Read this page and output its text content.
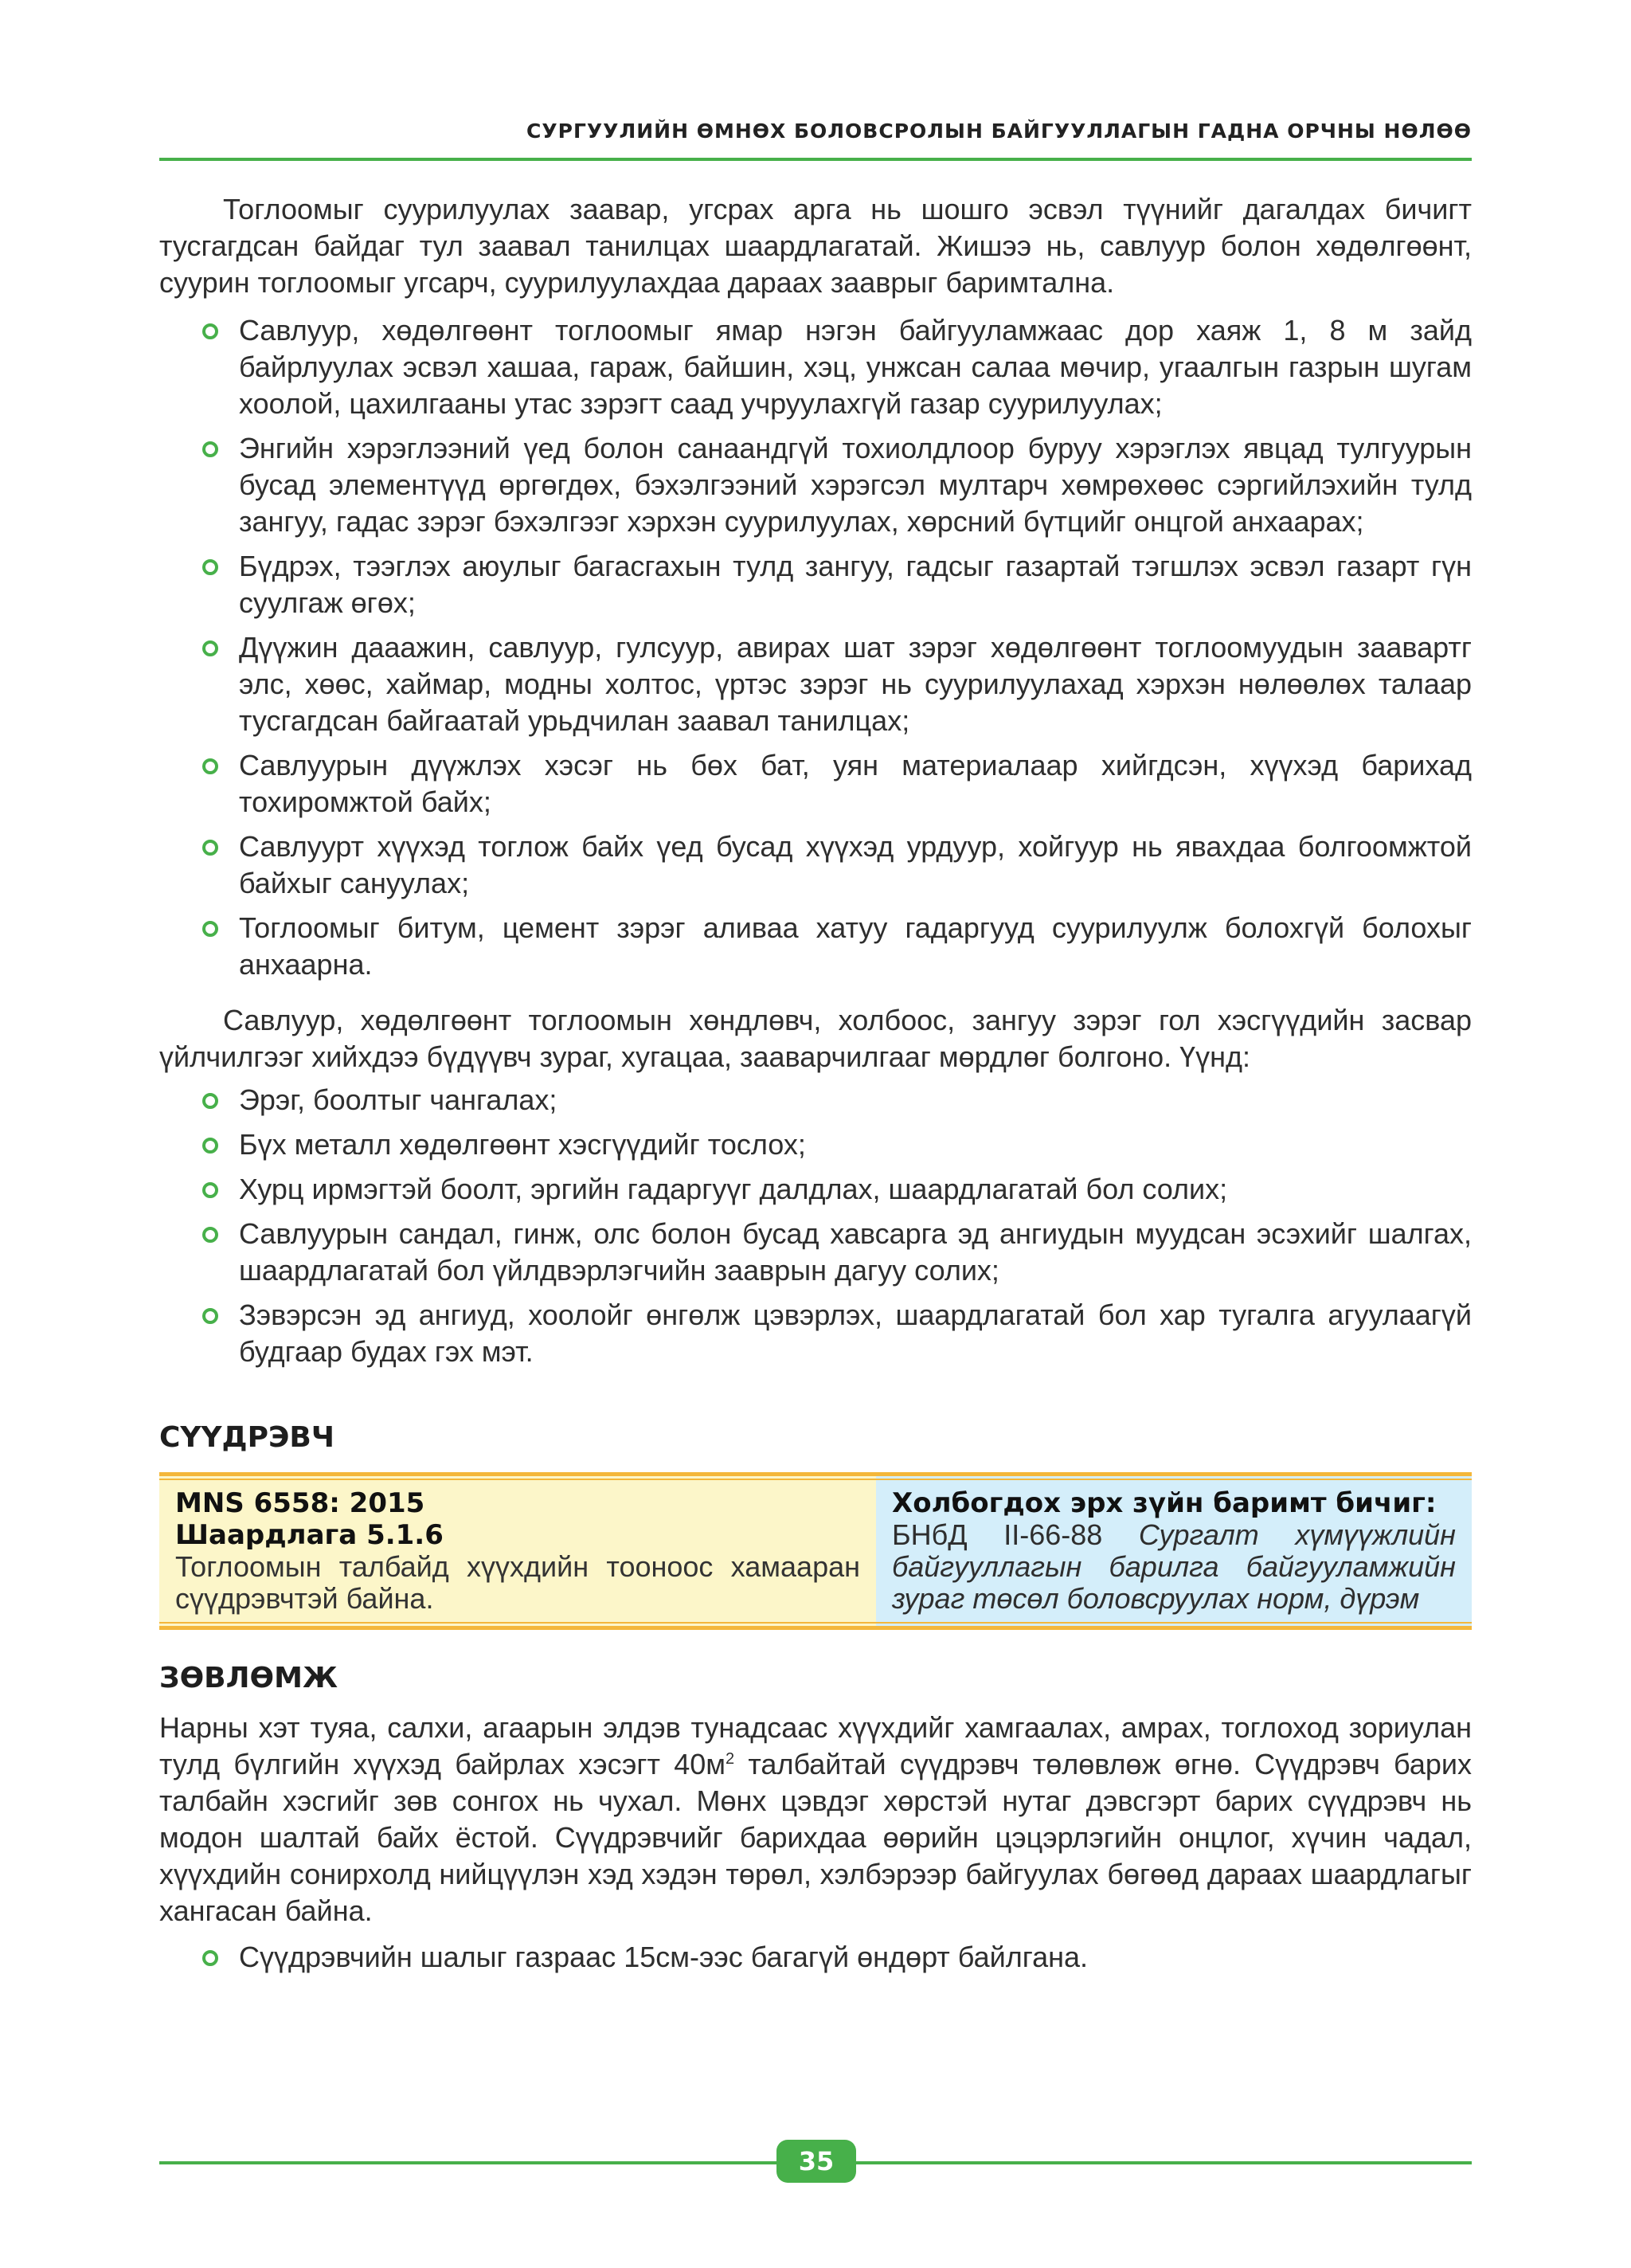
СУРГУУЛИЙН ӨМНӨХ БОЛОВСРОЛЫН БАЙГУУЛЛАГЫН ГАДНА ОРЧНЫ НӨЛӨӨ

Тоглоомыг суурилуулах заавар, угсрах арга нь шошго эсвэл түүнийг дагалдах бичигт тусгагдсан байдаг тул заавал танилцах шаардлагатай. Жишээ нь, савлуур болон хөдөлгөөнт, суурин тоглоомыг угсарч, суурилуулахдаа дараах зааврыг баримтална.

Савлуур, хөдөлгөөнт тоглоомыг ямар нэгэн байгууламжаас дор хаяж 1, 8 м зайд байрлуулах эсвэл хашаа, гараж, байшин, хэц, унжсан салаа мөчир, угаалгын газрын шугам хоолой, цахилгааны утас зэрэгт саад учруулахгүй газар суурилуулах;
Энгийн хэрэглээний үед болон санаандгүй тохиолдлоор буруу хэрэглэх явцад тулгуурын бусад элементүүд өргөгдөх, бэхэлгээний хэрэгсэл мултарч хөмрөхөөс сэргийлэхийн тулд зангуу, гадас зэрэг бэхэлгээг хэрхэн суурилуулах, хөрсний бүтцийг онцгой анхаарах;
Бүдрэх, тээглэх аюулыг багасгахын тулд зангуу, гадсыг газартай тэгшлэх эсвэл газарт гүн суулгаж өгөх;
Дүүжин дааажин, савлуур, гулсуур, авирах шат зэрэг хөдөлгөөнт тоглоомуудын заавартг элс, хөөс, хаймар, модны холтос, үртэс зэрэг нь суурилуулахад хэрхэн нөлөөлөх талаар тусгагдсан байгаатай урьдчилан заавал танилцах;
Савлуурын дүүжлэх хэсэг нь бөх бат, уян материалаар хийгдсэн, хүүхэд барихад тохиромжтой байх;
Савлуурт хүүхэд тоглож байх үед бусад хүүхэд урдуур, хойгуур нь явахдаа болгоомжтой байхыг сануулах;
Тоглоомыг битум, цемент зэрэг аливаа хатуу гадаргууд суурилуулж болохгүй болохыг анхаарна.

Савлуур, хөдөлгөөнт тоглоомын хөндлөвч, холбоос, зангуу зэрэг гол хэсгүүдийн засвар үйлчилгээг хийхдээ бүдүүвч зураг, хугацаа, зааварчилгааг мөрдлөг болгоно. Үүнд:

Эрэг, боолтыг чангалах;
Бүх металл хөдөлгөөнт хэсгүүдийг тослох;
Хурц ирмэгтэй боолт, эргийн гадаргуүг далдлах, шаардлагатай бол солих;
Савлуурын сандал, гинж, олс болон бусад хавсарга эд ангиудын муудсан эсэхийг шалгах, шаардлагатай бол үйлдвэрлэгчийн зааврын дагуу солих;
Зэвэрсэн эд ангиуд, хоолойг өнгөлж цэвэрлэх, шаардлагатай бол хар тугалга агуулаагүй будгаар будах гэх мэт.
СҮҮДРЭВЧ
MNS 6558: 2015
Шаардлага 5.1.6
Тоглоомын талбайд хүүхдийн тооноос хамааран сүүдрэвчтэй байна.
Холбогдох эрх зүйн баримт бичиг:
БНбД II-66-88 Сургалт хүмүүжлийн байгууллагын барилга байгууламжийн зураг төсөл боловсруулах норм, дүрэм
ЗӨВЛӨМЖ

Нарны хэт туяа, салхи, агаарын элдэв тунадсаас хүүхдийг хамгаалах, амрах, тоглоход зориулан тулд бүлгийн хүүхэд байрлах хэсэгт $40м^2$ талбайтай сүүдрэвч төлөвлөж өгнө. Сүүдрэвч барих талбайн хэсгийг зөв сонгох нь чухал. Мөнх цэвдэг хөрстэй нутаг дэвсгэрт барих сүүдрэвч нь модон шалтай байх ёстой. Сүүдрэвчийг барихдаа өөрийн цэцэрлэгийн онцлог, хүчин чадал, хүүхдийн сонирхолд нийцүүлэн хэд хэдэн төрөл, хэлбэрээр байгуулах бөгөөд дараах шаардлагыг хангасан байна.

Сүүдрэвчийн шалыг газраас 15см-ээс багагүй өндөрт байлгана.
35
